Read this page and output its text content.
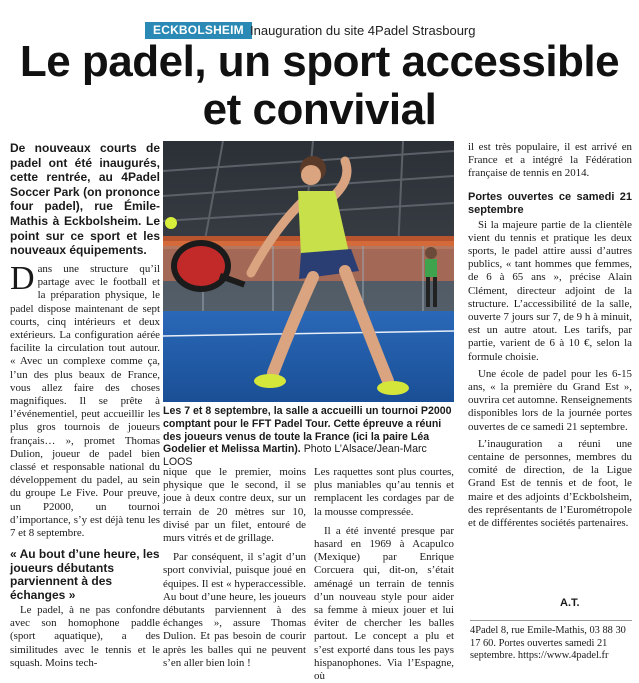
ECKBOLSHEIM Inauguration du site 4Padel Strasbourg
Le padel, un sport accessible
et convivial
De nouveaux courts de padel ont été inaugurés, cette rentrée, au 4Padel Soccer Park (on prononce four padel), rue Émile-Mathis à Eckbolsheim. Le point sur ce sport et les nouveaux équipements.

Dans une structure qu’il partage avec le football et la préparation physique, le padel dispose maintenant de sept courts, cinq intérieurs et deux extérieurs. La configuration aérée facilite la circulation tout autour. « Avec un complexe comme ça, l’un des plus beaux de France, vous allez faire des choses magnifiques. Il se prête à l’événementiel, peut accueillir les plus gros tournois de joueurs français… », promet Thomas Dulion, joueur de padel bien classé et responsable national du développement du padel, au sein du groupe Le Five. Pour preuve, un P2000, un tournoi d’importance, s’y est déjà tenu les 7 et 8 septembre.

« Au bout d’une heure, les joueurs débutants parviennent à des échanges »

Le padel, à ne pas confondre avec son homophone paddle (sport aquatique), a des similitudes avec le tennis et le squash. Moins tech-

Les 7 et 8 septembre, la salle a accueilli un tournoi P2000 comptant pour le FFT Padel Tour. Cette épreuve a réuni des joueurs venus de toute la France (ici la paire Léa Godelier et Melissa Martin). Photo L’Alsace/Jean-Marc LOOS

nique que le premier, moins physique que le second, il se joue à deux contre deux, sur un terrain de 20 mètres sur 10, divisé par un filet, entouré de murs vitrés et de grillage.

Par conséquent, il s’agit d’un sport convivial, puisque joué en équipes. Il est « hyperaccessible. Au bout d’une heure, les joueurs débutants parviennent à des échanges », assure Thomas Dulion. Et pas besoin de courir après les balles qui ne peuvent s’en aller bien loin !

Les raquettes sont plus courtes, plus maniables qu’au tennis et remplacent les cordages par de la mousse compressée.

Il a été inventé presque par hasard en 1969 à Acapulco (Mexique) par Enrique Corcuera qui, dit-on, s’était aménagé un terrain de tennis d’un nouveau style pour aider sa femme à mieux jouer et lui éviter de chercher les balles partout. Le concept a plu et s’est exporté dans tous les pays hispanophones. Via l’Espagne, où

il est très populaire, il est arrivé en France et a intégré la Fédération française de tennis en 2014.

Portes ouvertes ce samedi 21 septembre

Si la majeure partie de la clientèle vient du tennis et pratique les deux sports, le padel attire aussi d’autres publics, « tant hommes que femmes, de 6 à 65 ans », précise Alain Clément, directeur adjoint de la structure. L’accessibilité de la salle, ouverte 7 jours sur 7, de 9 h à minuit, est un autre atout. Les tarifs, par partie, varient de 6 à 10 €, selon la formule choisie.

Une école de padel pour les 6-15 ans, « la première du Grand Est », ouvrira cet automne. Renseignements disponibles lors de la journée portes ouvertes de ce samedi 21 septembre.

L’inauguration a réuni une centaine de personnes, membres du comité de direction, de la Ligue Grand Est de tennis et de foot, le maire et des adjoints d’Eckbolsheim, des représentants de l’Eurométropole et de différentes sociétés partenaires.

A.T.
4Padel 8, rue Emile-Mathis, 03 88 30 17 60. Portes ouvertes samedi 21 septembre. https://www.4padel.fr
